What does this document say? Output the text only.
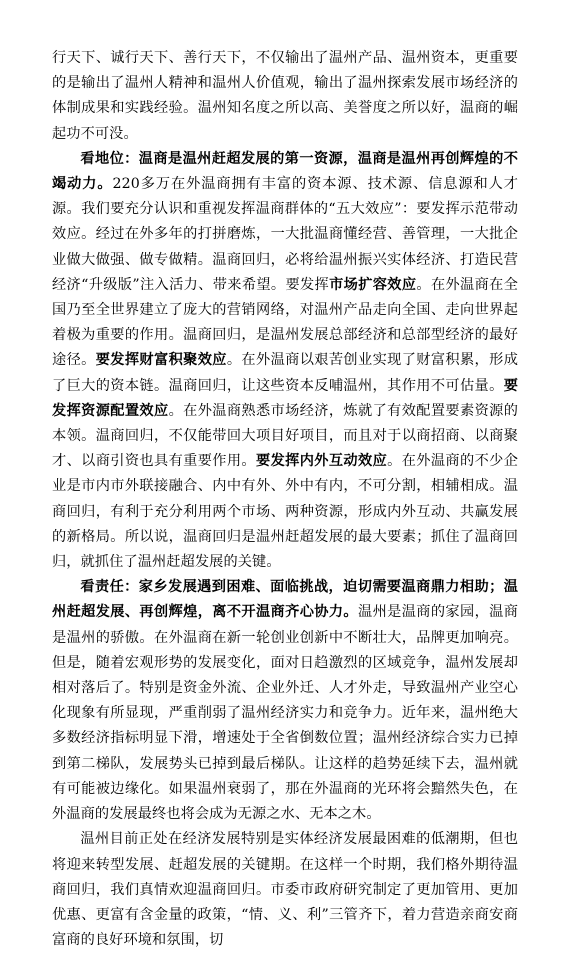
行天下、诚行天下、善行天下，不仅输出了温州产品、温州资本，更重要的是输出了温州人精神和温州人价值观，输出了温州探索发展市场经济的体制成果和实践经验。温州知名度之所以高、美誉度之所以好，温商的崛起功不可没。

看地位：温商是温州赶超发展的第一资源，温商是温州再创辉煌的不竭动力。220多万在外温商拥有丰富的资本源、技术源、信息源和人才源。我们要充分认识和重视发挥温商群体的“五大效应”：要发挥示范带动效应。经过在外多年的打拼磨炼，一大批温商懂经营、善管理，一大批企业做大做强、做专做精。温商回归，必将给温州振兴实体经济、打造民营经济“升级版”注入活力、带来希望。要发挥市场扩容效应。在外温商在全国乃至全世界建立了庞大的营销网络，对温州产品走向全国、走向世界起着极为重要的作用。温商回归，是温州发展总部经济和总部型经济的最好途径。要发挥财富积聚效应。在外温商以艰苦创业实现了财富积累，形成了巨大的资本链。温商回归，让这些资本反哺温州，其作用不可估量。要发挥资源配置效应。在外温商熟悉市场经济，炼就了有效配置要素资源的本领。温商回归，不仅能带回大项目好项目，而且对于以商招商、以商聚才、以商引资也具有重要作用。要发挥内外互动效应。在外温商的不少企业是市内市外联接融合、内中有外、外中有内，不可分割，相辅相成。温商回归，有利于充分利用两个市场、两种资源，形成内外互动、共赢发展的新格局。所以说，温商回归是温州赶超发展的最大要素；抓住了温商回归，就抓住了温州赶超发展的关键。

看责任：家乡发展遇到困难、面临挑战，迫切需要温商鼎力相助；温州赶超发展、再创辉煌，离不开温商齐心协力。温州是温商的家园，温商是温州的骄傲。在外温商在新一轮创业创新中不断壮大，品牌更加响亮。但是，随着宏观形势的发展变化，面对日趋激烈的区域竞争，温州发展却相对落后了。特别是资金外流、企业外迁、人才外走，导致温州产业空心化现象有所显现，严重削弱了温州经济实力和竞争力。近年来，温州绝大多数经济指标明显下滑，增速处于全省倒数位置；温州经济综合实力已掉到第二梯队，发展势头已掉到最后梯队。让这样的趋势延续下去，温州就有可能被边缘化。如果温州衰弱了，那在外温商的光环将会黯然失色，在外温商的发展最终也将会成为无源之水、无本之木。

温州目前正处在经济发展特别是实体经济发展最困难的低潮期，但也将迎来转型发展、赶超发展的关键期。在这样一个时期，我们格外期待温商回归，我们真情欢迎温商回归。市委市政府研究制定了更加管用、更加优惠、更富有含金量的政策，“情、义、利”三管齐下，着力营造亲商安商富商的良好环境和氛围，切
